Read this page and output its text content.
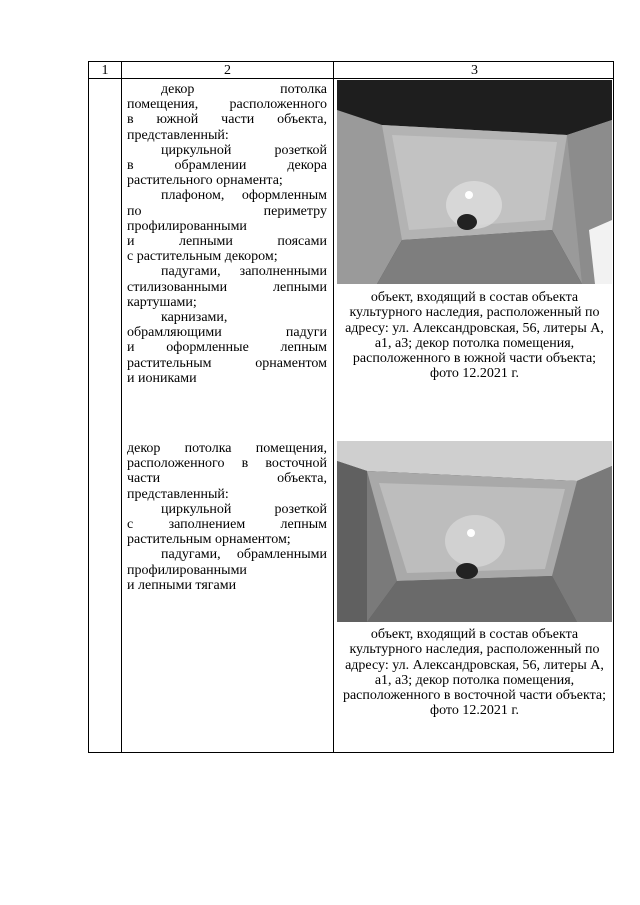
1	2	3

декор потолка

помещения, расположенного

в южной части объекта,

представленный:

циркульной розеткой

в обрамлении декора

растительного орнамента;

плафоном, оформленным

по периметру

профилированными

и лепными поясами

с растительным декором;

падугами, заполненными

стилизованными лепными

картушами;

карнизами,

обрамляющими падуги

и оформленные лепным

растительным орнаментом

и иониками

объект, входящий в состав объекта культурного наследия, расположенный по адресу: ул. Александровская, 56, литеры А, а1, а3; декор потолка помещения, расположенного в южной части объекта; фото 12.2021 г.

декор потолка помещения,

расположенного в восточной

части объекта,

представленный:

циркульной розеткой

с заполнением лепным

растительным орнаментом;

падугами, обрамленными

профилированными

и лепными тягами

объект, входящий в состав объекта культурного наследия, расположенный по адресу: ул. Александровская, 56, литеры А, а1, а3; декор потолка помещения, расположенного в восточной части объекта; фото 12.2021 г.
